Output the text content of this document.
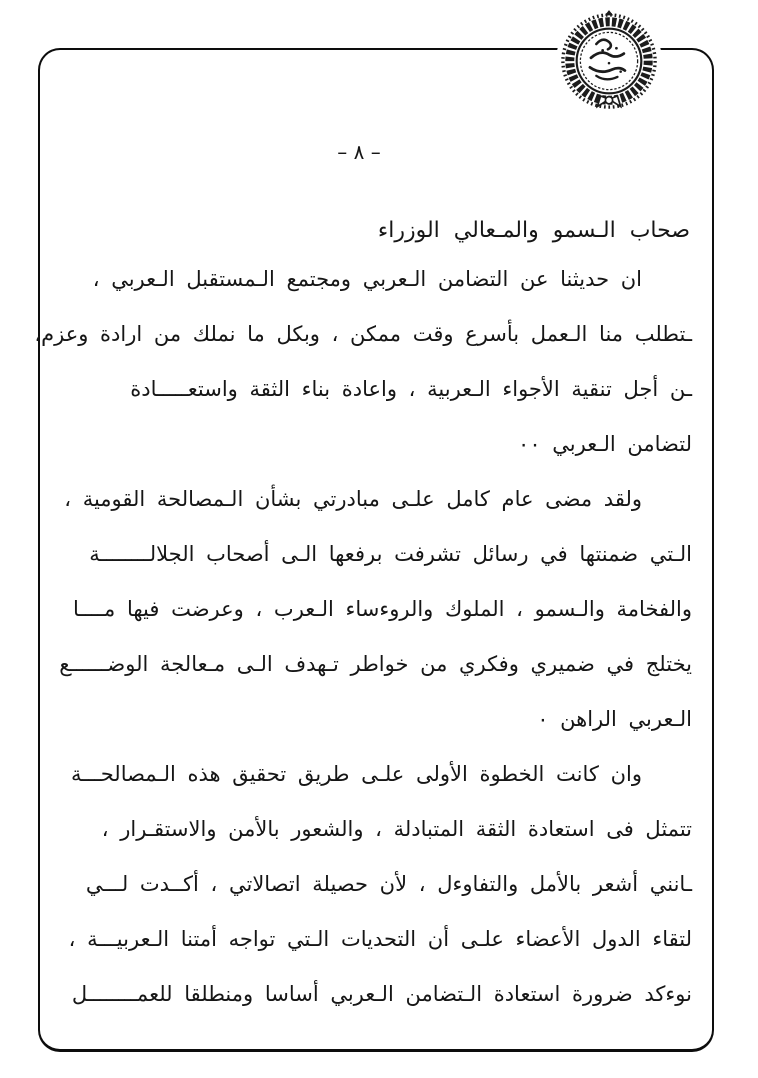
– ٨ –
صحاب الـسمو والمـعالي الوزراء
ان حديثنا عن التضامن الـعربي ومجتمع الـمستقبل الـعربي ،
ـتطلب منا الـعمل بأسرع وقت ممكن ، وبكل ما نملك من ارادة وعزم،
ـن أجل تنقية الأجواء الـعربية ، واعادة بناء الثقة واستعـــــادة
لتضامن الـعربي ٠٠
ولقد مضى عام كامل علـى مبادرتي بشأن الـمصالحة القومية ،
الـتي ضمنتها في رسائل تشرفت برفعها الـى أصحاب الجلالــــــــة
والفخامة والـسمو ، الملوك والروءساء الـعرب ، وعرضت فيها مــــا
يختلج في ضميري وفكري من خواطر تـهدف الـى مـعالجة الوضــــــع
الـعربي الراهن ٠
وان كانت الخطوة الأولى علـى طريق تحقيق هذه الـمصالحـــة
تتمثل فى استعادة الثقة المتبادلة ، والشعور بالأمن والاستقـرار ،
ـانني أشعر بالأمل والتفاوءل ، لأن حصيلة اتصالاتي ، أكــدت لـــي
لتقاء الدول الأعضاء علـى أن التحديات الـتي تواجه أمتنا الـعربيـــة ،
نوءكد ضرورة استعادة الـتضامن الـعربي أساسا ومنطلقا للعمــــــــل
